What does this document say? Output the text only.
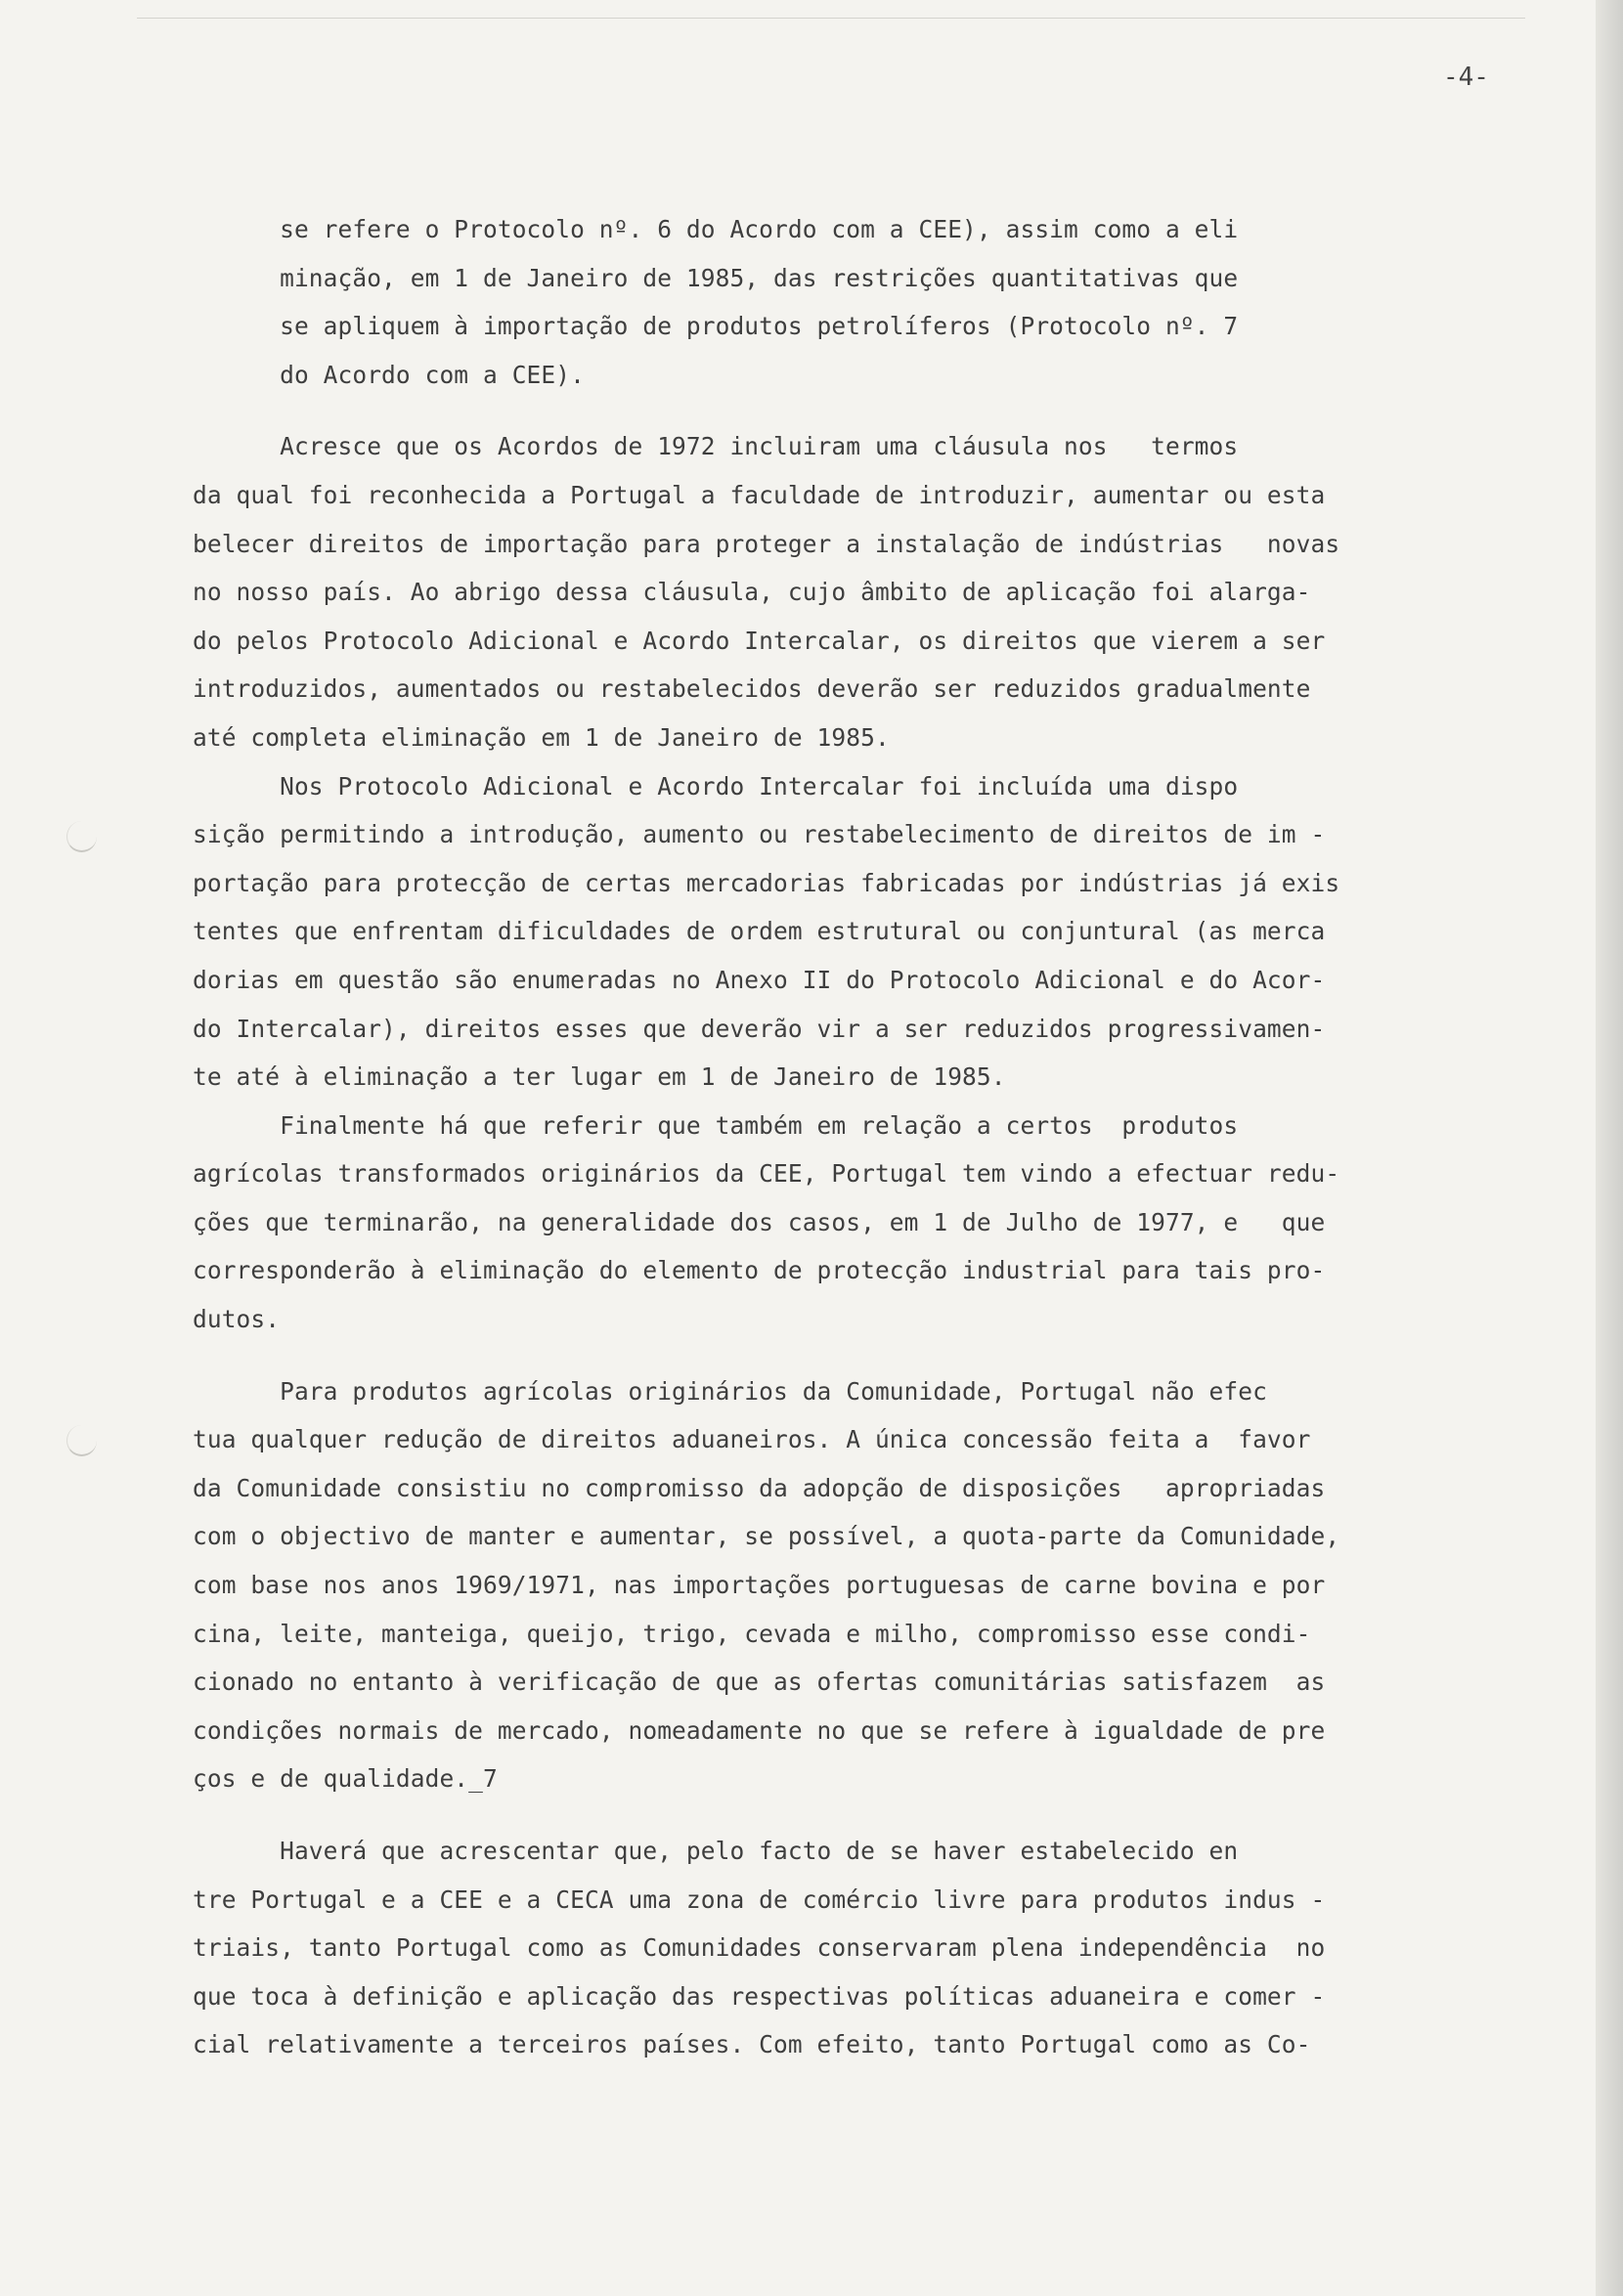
-4-
se refere o Protocolo nº. 6 do Acordo com a CEE), assim como a eli
minação, em 1 de Janeiro de 1985, das restrições quantitativas que
se apliquem à importação de produtos petrolíferos (Protocolo nº. 7
do Acordo com a CEE).
Acresce que os Acordos de 1972 incluiram uma cláusula nos   termos
da qual foi reconhecida a Portugal a faculdade de introduzir, aumentar ou esta
belecer direitos de importação para proteger a instalação de indústrias   novas
no nosso país. Ao abrigo dessa cláusula, cujo âmbito de aplicação foi alarga-
do pelos Protocolo Adicional e Acordo Intercalar, os direitos que vierem a ser
introduzidos, aumentados ou restabelecidos deverão ser reduzidos gradualmente
até completa eliminação em 1 de Janeiro de 1985.
Nos Protocolo Adicional e Acordo Intercalar foi incluída uma dispo
sição permitindo a introdução, aumento ou restabelecimento de direitos de im -
portação para protecção de certas mercadorias fabricadas por indústrias já exis
tentes que enfrentam dificuldades de ordem estrutural ou conjuntural (as merca
dorias em questão são enumeradas no Anexo II do Protocolo Adicional e do Acor-
do Intercalar), direitos esses que deverão vir a ser reduzidos progressivamen-
te até à eliminação a ter lugar em 1 de Janeiro de 1985.
Finalmente há que referir que também em relação a certos  produtos
agrícolas transformados originários da CEE, Portugal tem vindo a efectuar redu-
ções que terminarão, na generalidade dos casos, em 1 de Julho de 1977, e   que
corresponderão à eliminação do elemento de protecção industrial para tais pro-
dutos.
Para produtos agrícolas originários da Comunidade, Portugal não efec
tua qualquer redução de direitos aduaneiros. A única concessão feita a  favor
da Comunidade consistiu no compromisso da adopção de disposições   apropriadas
com o objectivo de manter e aumentar, se possível, a quota-parte da Comunidade,
com base nos anos 1969/1971, nas importações portuguesas de carne bovina e por
cina, leite, manteiga, queijo, trigo, cevada e milho, compromisso esse condi-
cionado no entanto à verificação de que as ofertas comunitárias satisfazem  as
condições normais de mercado, nomeadamente no que se refere à igualdade de pre
ços e de qualidade._7
Haverá que acrescentar que, pelo facto de se haver estabelecido en
tre Portugal e a CEE e a CECA uma zona de comércio livre para produtos indus -
triais, tanto Portugal como as Comunidades conservaram plena independência  no
que toca à definição e aplicação das respectivas políticas aduaneira e comer -
cial relativamente a terceiros países. Com efeito, tanto Portugal como as Co-
